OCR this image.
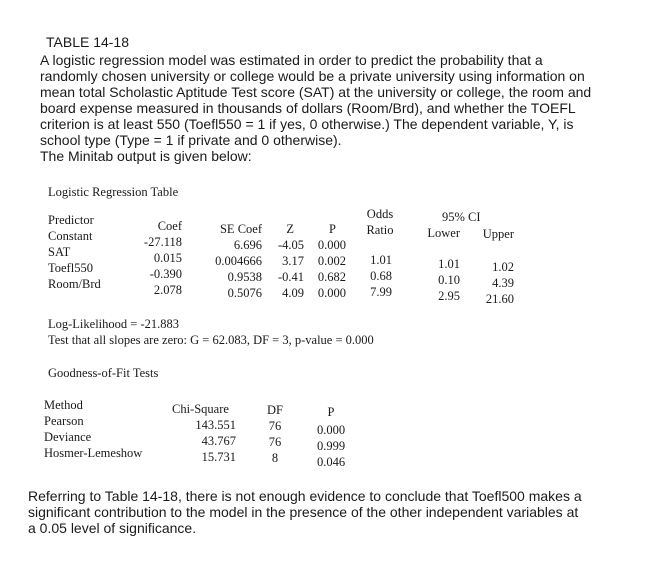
TABLE 14-18

A logistic regression model was estimated in order to predict the probability that a

randomly chosen university or college would be a private university using information on

mean total Scholastic Aptitude Test score (SAT) at the university or college, the room and

board expense measured in thousands of dollars (Room/Brd), and whether the TOEFL

criterion is at least 550 (Toefl550 = 1 if yes, 0 otherwise.) The dependent variable, Y, is

school type (Type = 1 if private and 0 otherwise).

The Minitab output is given below:

Logistic Regression Table
Predictor
Constant
SAT
Toefl550
Room/Brd
Coef
-27.118
0.015
-0.390
2.078
SE Coef
6.696
0.004666
0.9538
0.5076
Z
-4.05
3.17
-0.41
4.09
P
0.000
0.002
0.682
0.000
Odds
Ratio
1.01
0.68
7.99
95% CI
Lower
1.01
0.10
2.95
Upper
1.02
4.39
21.60
Log-Likelihood = -21.883
Test that all slopes are zero: G = 62.083, DF = 3, p-value = 0.000
Goodness-of-Fit Tests
Method
Pearson
Deviance
Hosmer-Lemeshow
Chi-Square
143.551
43.767
15.731
DF
76
76
8
P
0.000
0.999
0.046

Referring to Table 14-18, there is not enough evidence to conclude that Toefl500 makes a

significant contribution to the model in the presence of the other independent variables at

a 0.05 level of significance.
